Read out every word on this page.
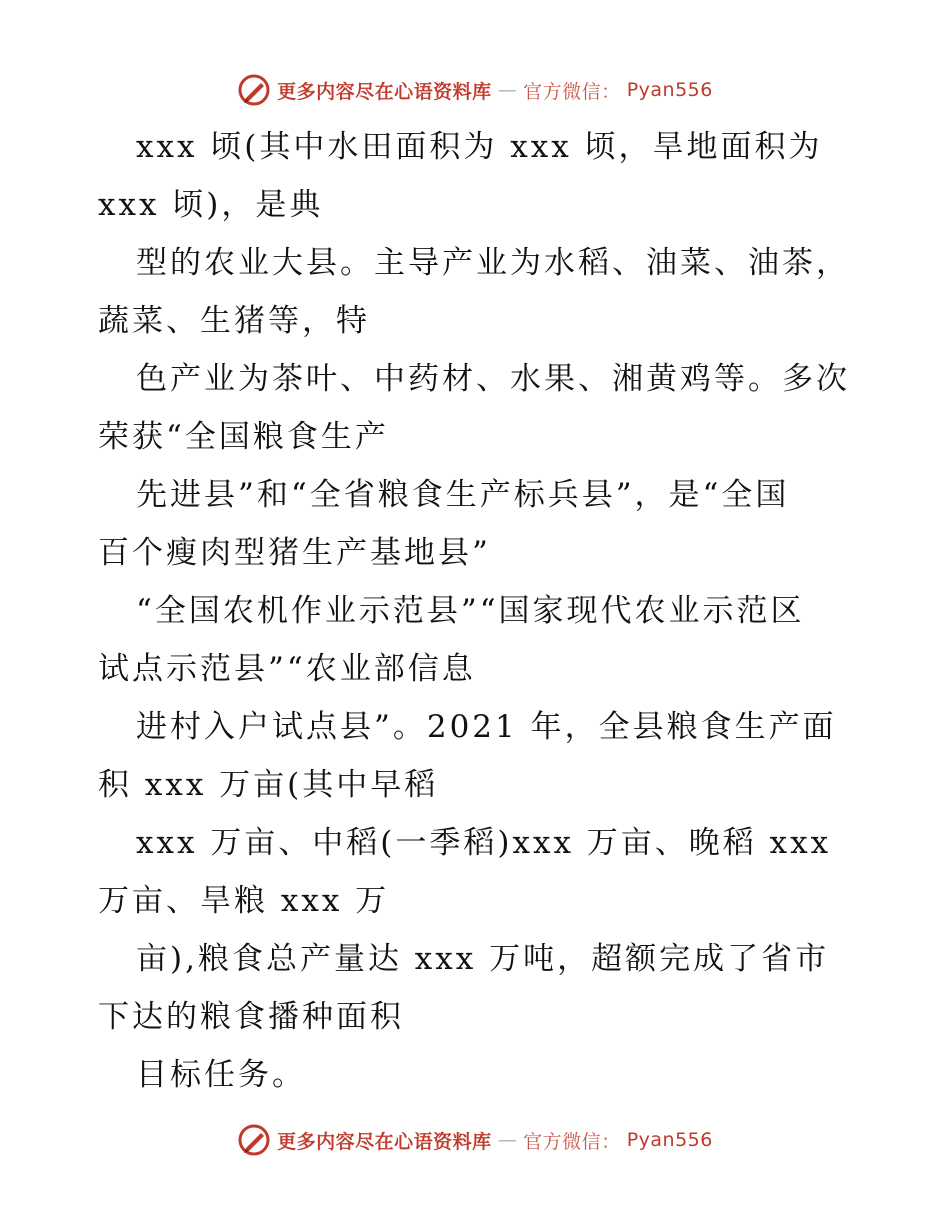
更多内容尽在心语资料库 — 官方微信： Pyan556
xxx 顷(其中水田面积为 xxx 顷，旱地面积为
xxx 顷)，是典
型的农业大县。主导产业为水稻、油菜、油茶，
蔬菜、生猪等，特
色产业为茶叶、中药材、水果、湘黄鸡等。多次
荣获“全国粮食生产
先进县”和“全省粮食生产标兵县”，是“全国
百个瘦肉型猪生产基地县”
“全国农机作业示范县”“国家现代农业示范区
试点示范县”“农业部信息
进村入户试点县”。2021 年，全县粮食生产面
积 xxx 万亩(其中早稻
xxx 万亩、中稻(一季稻)xxx 万亩、晚稻 xxx
万亩、旱粮 xxx 万
亩),粮食总产量达 xxx 万吨，超额完成了省市
下达的粮食播种面积
目标任务。
更多内容尽在心语资料库 — 官方微信： Pyan556
